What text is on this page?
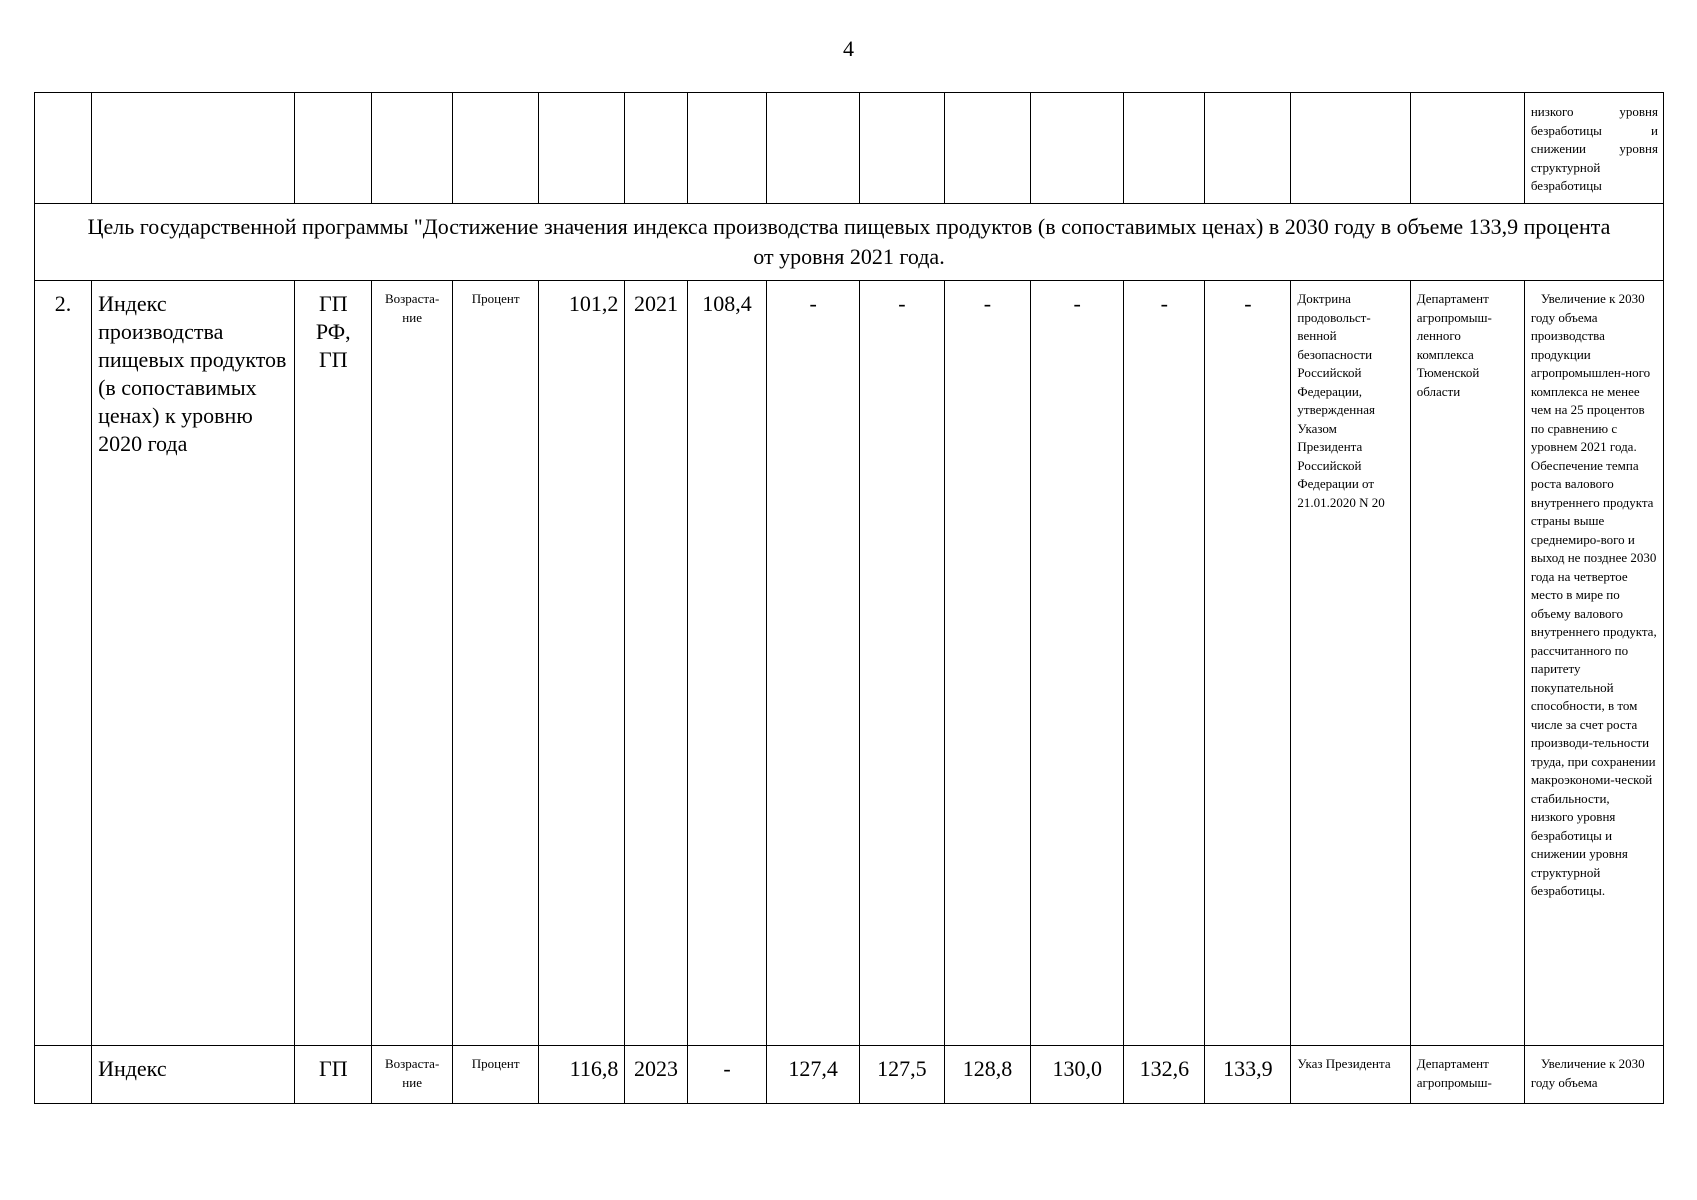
4
																низкого уровня безработицы и снижении уровня структурной безработицы
Цель государственной программы "Достижение значения индекса производства пищевых продуктов (в сопоставимых ценах) в 2030 году в объеме 133,9 процента от уровня 2021 года.																
2.	Индекс производства пищевых продуктов (в сопоставимых ценах) к уровню 2020 года	ГП РФ, ГП	Возраста-ние	Процент	101,2	2021	108,4	-	-	-	-	-	-	Доктрина продовольст-венной безопасности Российской Федерации, утвержденная Указом Президента Российской Федерации от 21.01.2020 N 20	Департамент агропромыш-ленного комплекса Тюменской области	Увеличение к 2030 году объема производства продукции агропромышлен-ного комплекса не менее чем на 25 процентов по сравнению с уровнем 2021 года.
Обеспечение темпа роста валового внутреннего продукта страны выше среднемиро-вого и выход не позднее 2030 года на четвертое место в мире по объему валового внутреннего продукта, рассчитанного по паритету покупательной способности, в том числе за счет роста производи-тельности труда, при сохранении макроэкономи-ческой стабильности,
низкого уровня безработицы и снижении уровня структурной безработицы.
	Индекс	ГП	Возраста-ние	Процент	116,8	2023	-	127,4	127,5	128,8	130,0	132,6	133,9	Указ Президента	Департамент агропромыш-	Увеличение к 2030 году объема
